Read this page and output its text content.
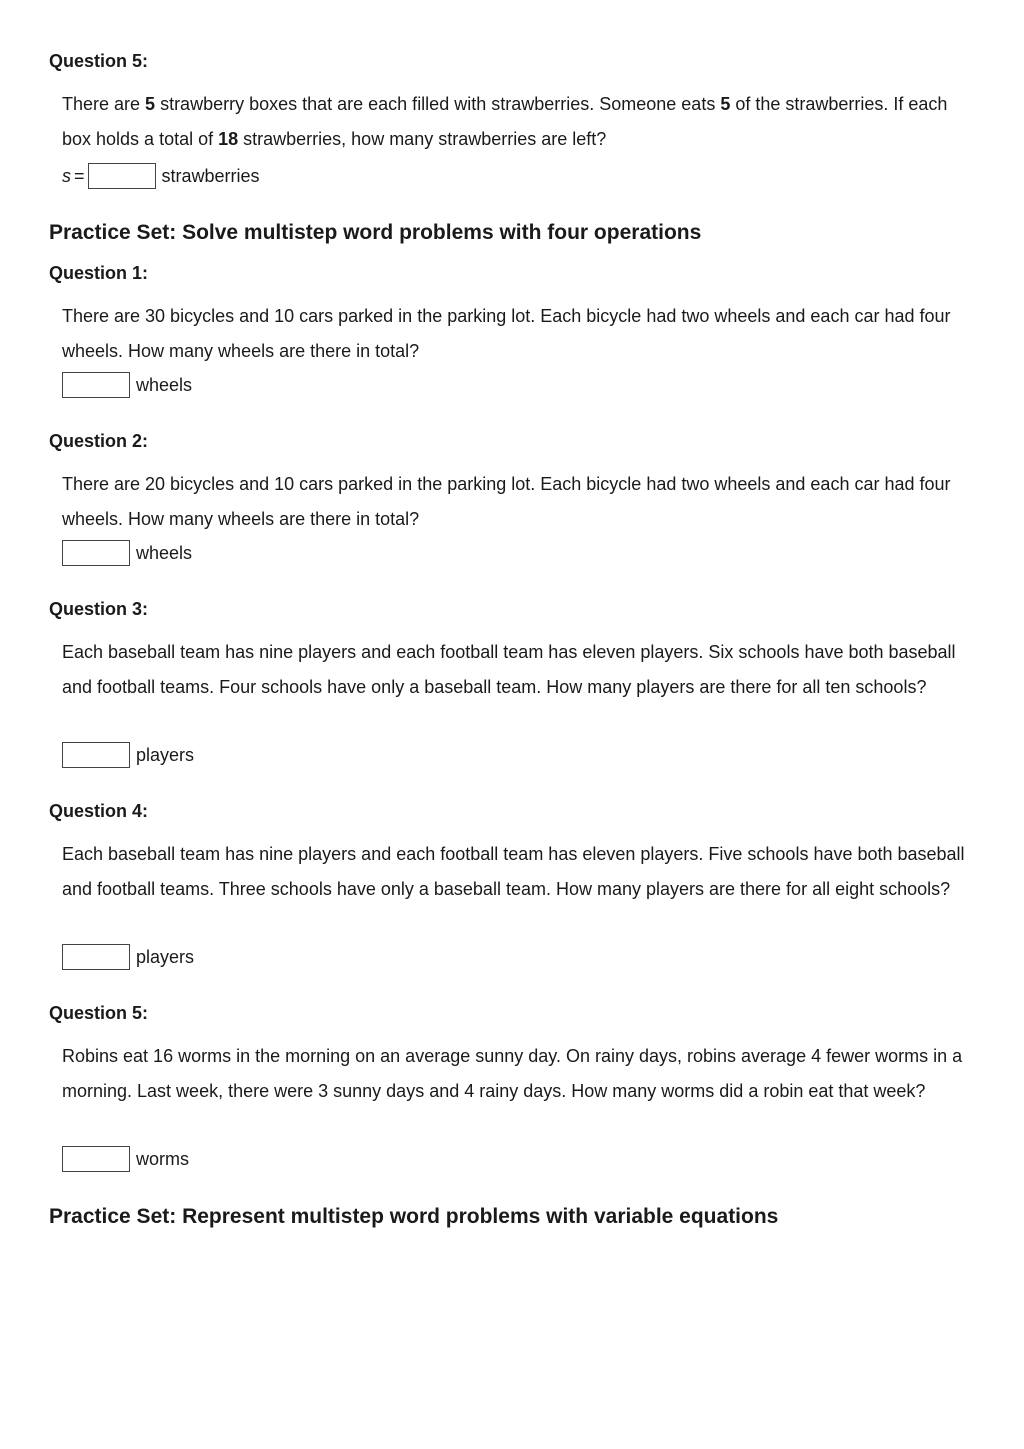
Question 5:

There are 5 strawberry boxes that are each filled with strawberries. Someone eats 5 of the strawberries. If each box holds a total of 18 strawberries, how many strawberries are left?

s =	strawberries
Practice Set: Solve multistep word problems with four operations
Question 1:

There are 30 bicycles and 10 cars parked in the parking lot. Each bicycle had two wheels and each car had four wheels. How many wheels are there in total?

wheels
Question 2:

There are 20 bicycles and 10 cars parked in the parking lot. Each bicycle had two wheels and each car had four wheels. How many wheels are there in total?

wheels
Question 3:

Each baseball team has nine players and each football team has eleven players. Six schools have both baseball and football teams. Four schools have only a baseball team. How many players are there for all ten schools?

players
Question 4:

Each baseball team has nine players and each football team has eleven players. Five schools have both baseball and football teams. Three schools have only a baseball team. How many players are there for all eight schools?

players
Question 5:

Robins eat 16 worms in the morning on an average sunny day. On rainy days, robins average 4 fewer worms in a morning. Last week, there were 3 sunny days and 4 rainy days. How many worms did a robin eat that week?

worms
Practice Set: Represent multistep word problems with variable equations
